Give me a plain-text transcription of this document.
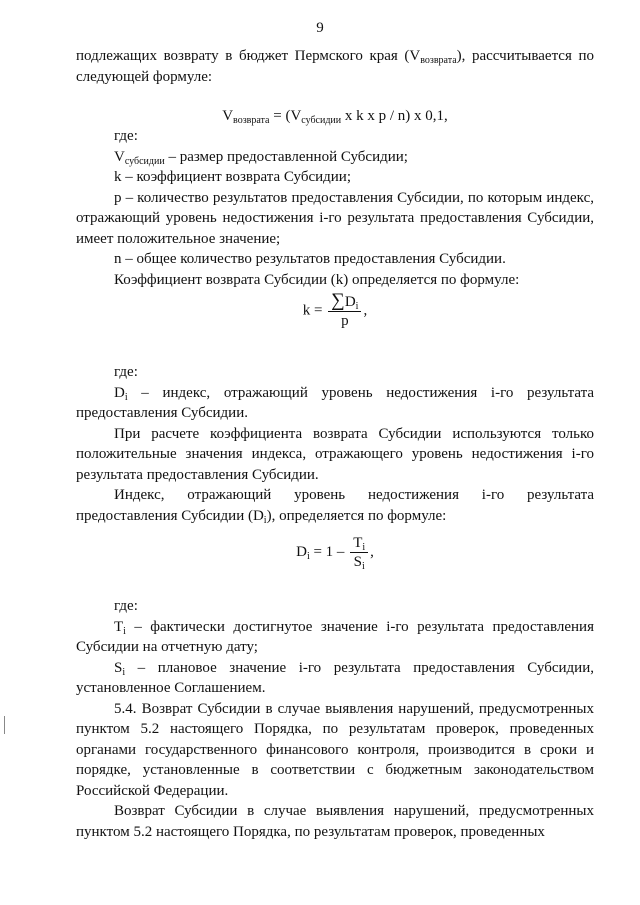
9

подлежащих возврату в бюджет Пермского края $(V_{возврата})$, рассчитывается по следующей формуле:

$V_{возврата} = (V_{субсидии}$ x k x p / n) x 0,1,

где:

$V_{субсидии}$ – размер предоставленной Субсидии;

k – коэффициент возврата Субсидии;

p – количество результатов предоставления Субсидии, по которым индекс, отражающий уровень недостижения i-го результата предоставления Субсидии, имеет положительное значение;

n – общее количество результатов предоставления Субсидии.

Коэффициент возврата Субсидии (k) определяется по формуле:

$k = \frac{\sum D_i}{p}$ ,

где:

$D_i$ – индекс, отражающий уровень недостижения i-го результата предоставления Субсидии.

При расчете коэффициента возврата Субсидии используются только положительные значения индекса, отражающего уровень недостижения i-го результата предоставления Субсидии.

Индекс, отражающий уровень недостижения i-го результата предоставления Субсидии $(D_i)$, определяется по формуле:

$D_i = 1 - \frac{T_i}{S_i}$ ,

где:

$T_i$ – фактически достигнутое значение i-го результата предоставления Субсидии на отчетную дату;

$S_i$ – плановое значение i-го результата предоставления Субсидии, установленное Соглашением.

5.4. Возврат Субсидии в случае выявления нарушений, предусмотренных пунктом 5.2 настоящего Порядка, по результатам проверок, проведенных органами государственного финансового контроля, производится в сроки и порядке, установленные в соответствии с бюджетным законодательством Российской Федерации.

Возврат Субсидии в случае выявления нарушений, предусмотренных пунктом 5.2 настоящего Порядка, по результатам проверок, проведенных
